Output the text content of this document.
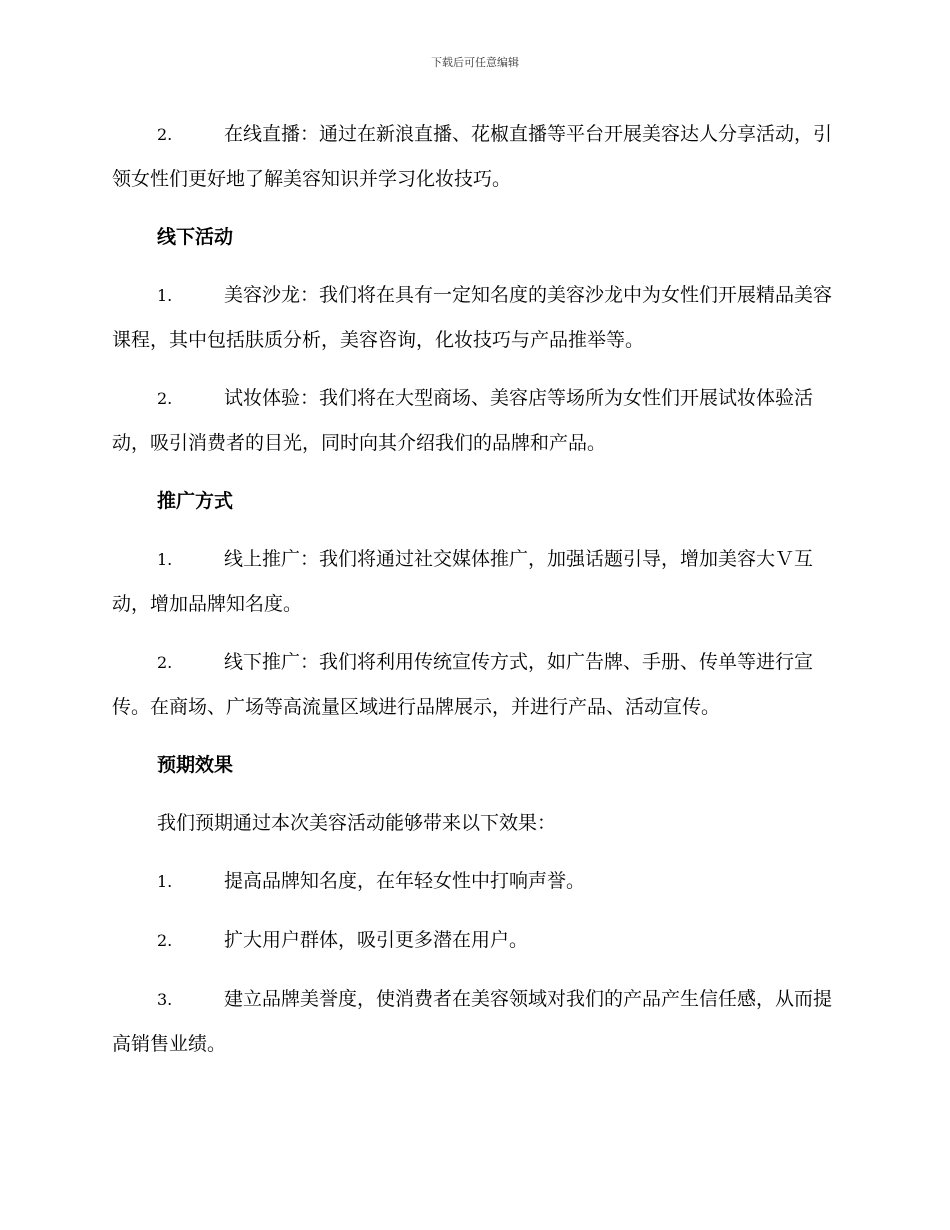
下载后可任意编辑

2.	在线直播：通过在新浪直播、花椒直播等平台开展美容达人分享活动，引领女性们更好地了解美容知识并学习化妆技巧。

线下活动

1.	美容沙龙：我们将在具有一定知名度的美容沙龙中为女性们开展精品美容课程，其中包括肤质分析，美容咨询，化妆技巧与产品推举等。

2.	试妆体验：我们将在大型商场、美容店等场所为女性们开展试妆体验活动，吸引消费者的目光，同时向其介绍我们的品牌和产品。

推广方式

1.	线上推广：我们将通过社交媒体推广，加强话题引导，增加美容大Ｖ互动，增加品牌知名度。

2.	线下推广：我们将利用传统宣传方式，如广告牌、手册、传单等进行宣传。在商场、广场等高流量区域进行品牌展示，并进行产品、活动宣传。

预期效果

我们预期通过本次美容活动能够带来以下效果：

1.	提高品牌知名度，在年轻女性中打响声誉。

2.	扩大用户群体，吸引更多潜在用户。

3.	建立品牌美誉度，使消费者在美容领域对我们的产品产生信任感，从而提高销售业绩。
